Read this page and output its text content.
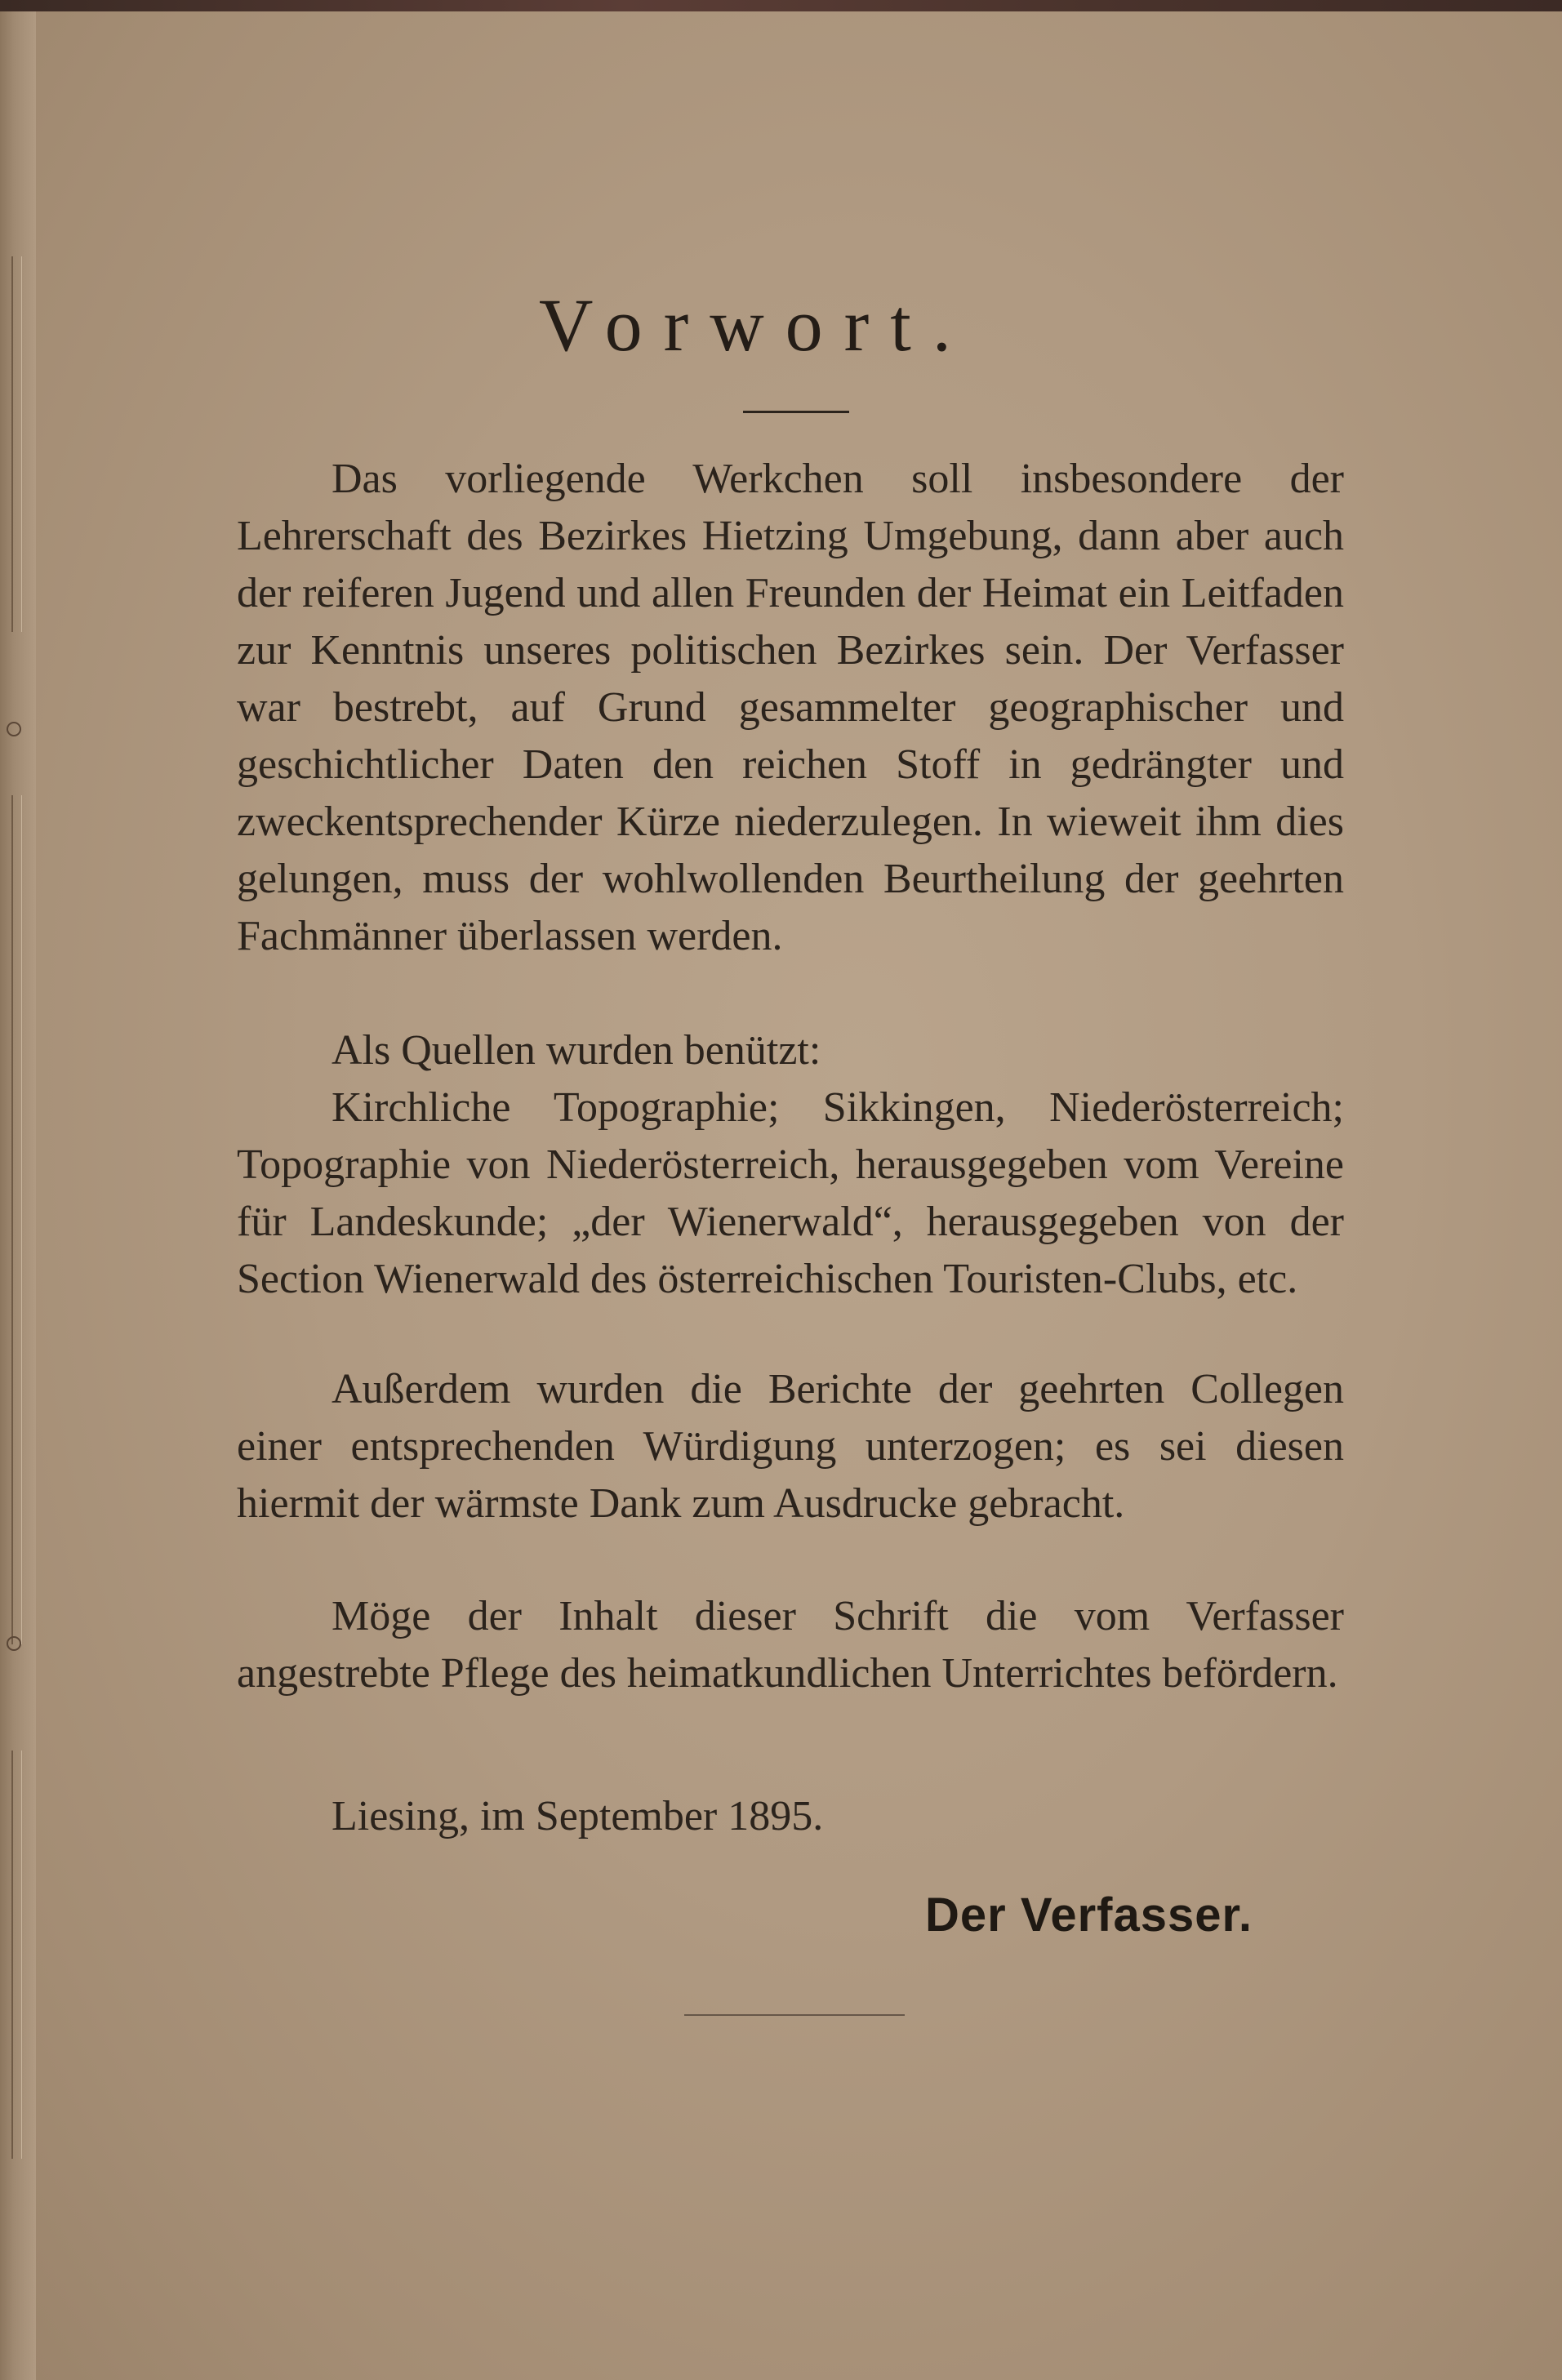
Vorwort.

Das vorliegende Werkchen soll insbesondere der Lehrerschaft des Bezirkes Hietzing Umgebung, dann aber auch der reiferen Jugend und allen Freunden der Heimat ein Leitfaden zur Kenntnis unseres politischen Bezirkes sein. Der Verfasser war bestrebt, auf Grund gesammelter geographischer und geschichtlicher Daten den reichen Stoff in gedrängter und zweckentsprechender Kürze niederzulegen. In wieweit ihm dies gelungen, muss der wohlwollenden Beurtheilung der geehrten Fachmänner überlassen werden.

Als Quellen wurden benützt:

Kirchliche Topographie; Sikkingen, Niederösterreich; Topographie von Niederösterreich, herausgegeben vom Vereine für Landeskunde; „der Wienerwald“, herausgegeben von der Section Wienerwald des österreichischen Touristen-Clubs, etc.

Außerdem wurden die Berichte der geehrten Collegen einer entsprechenden Würdigung unterzogen; es sei diesen hiermit der wärmste Dank zum Ausdrucke gebracht.

Möge der Inhalt dieser Schrift die vom Verfasser angestrebte Pflege des heimatkundlichen Unterrichtes befördern.

Liesing, im September 1895.
Der Verfasser.
